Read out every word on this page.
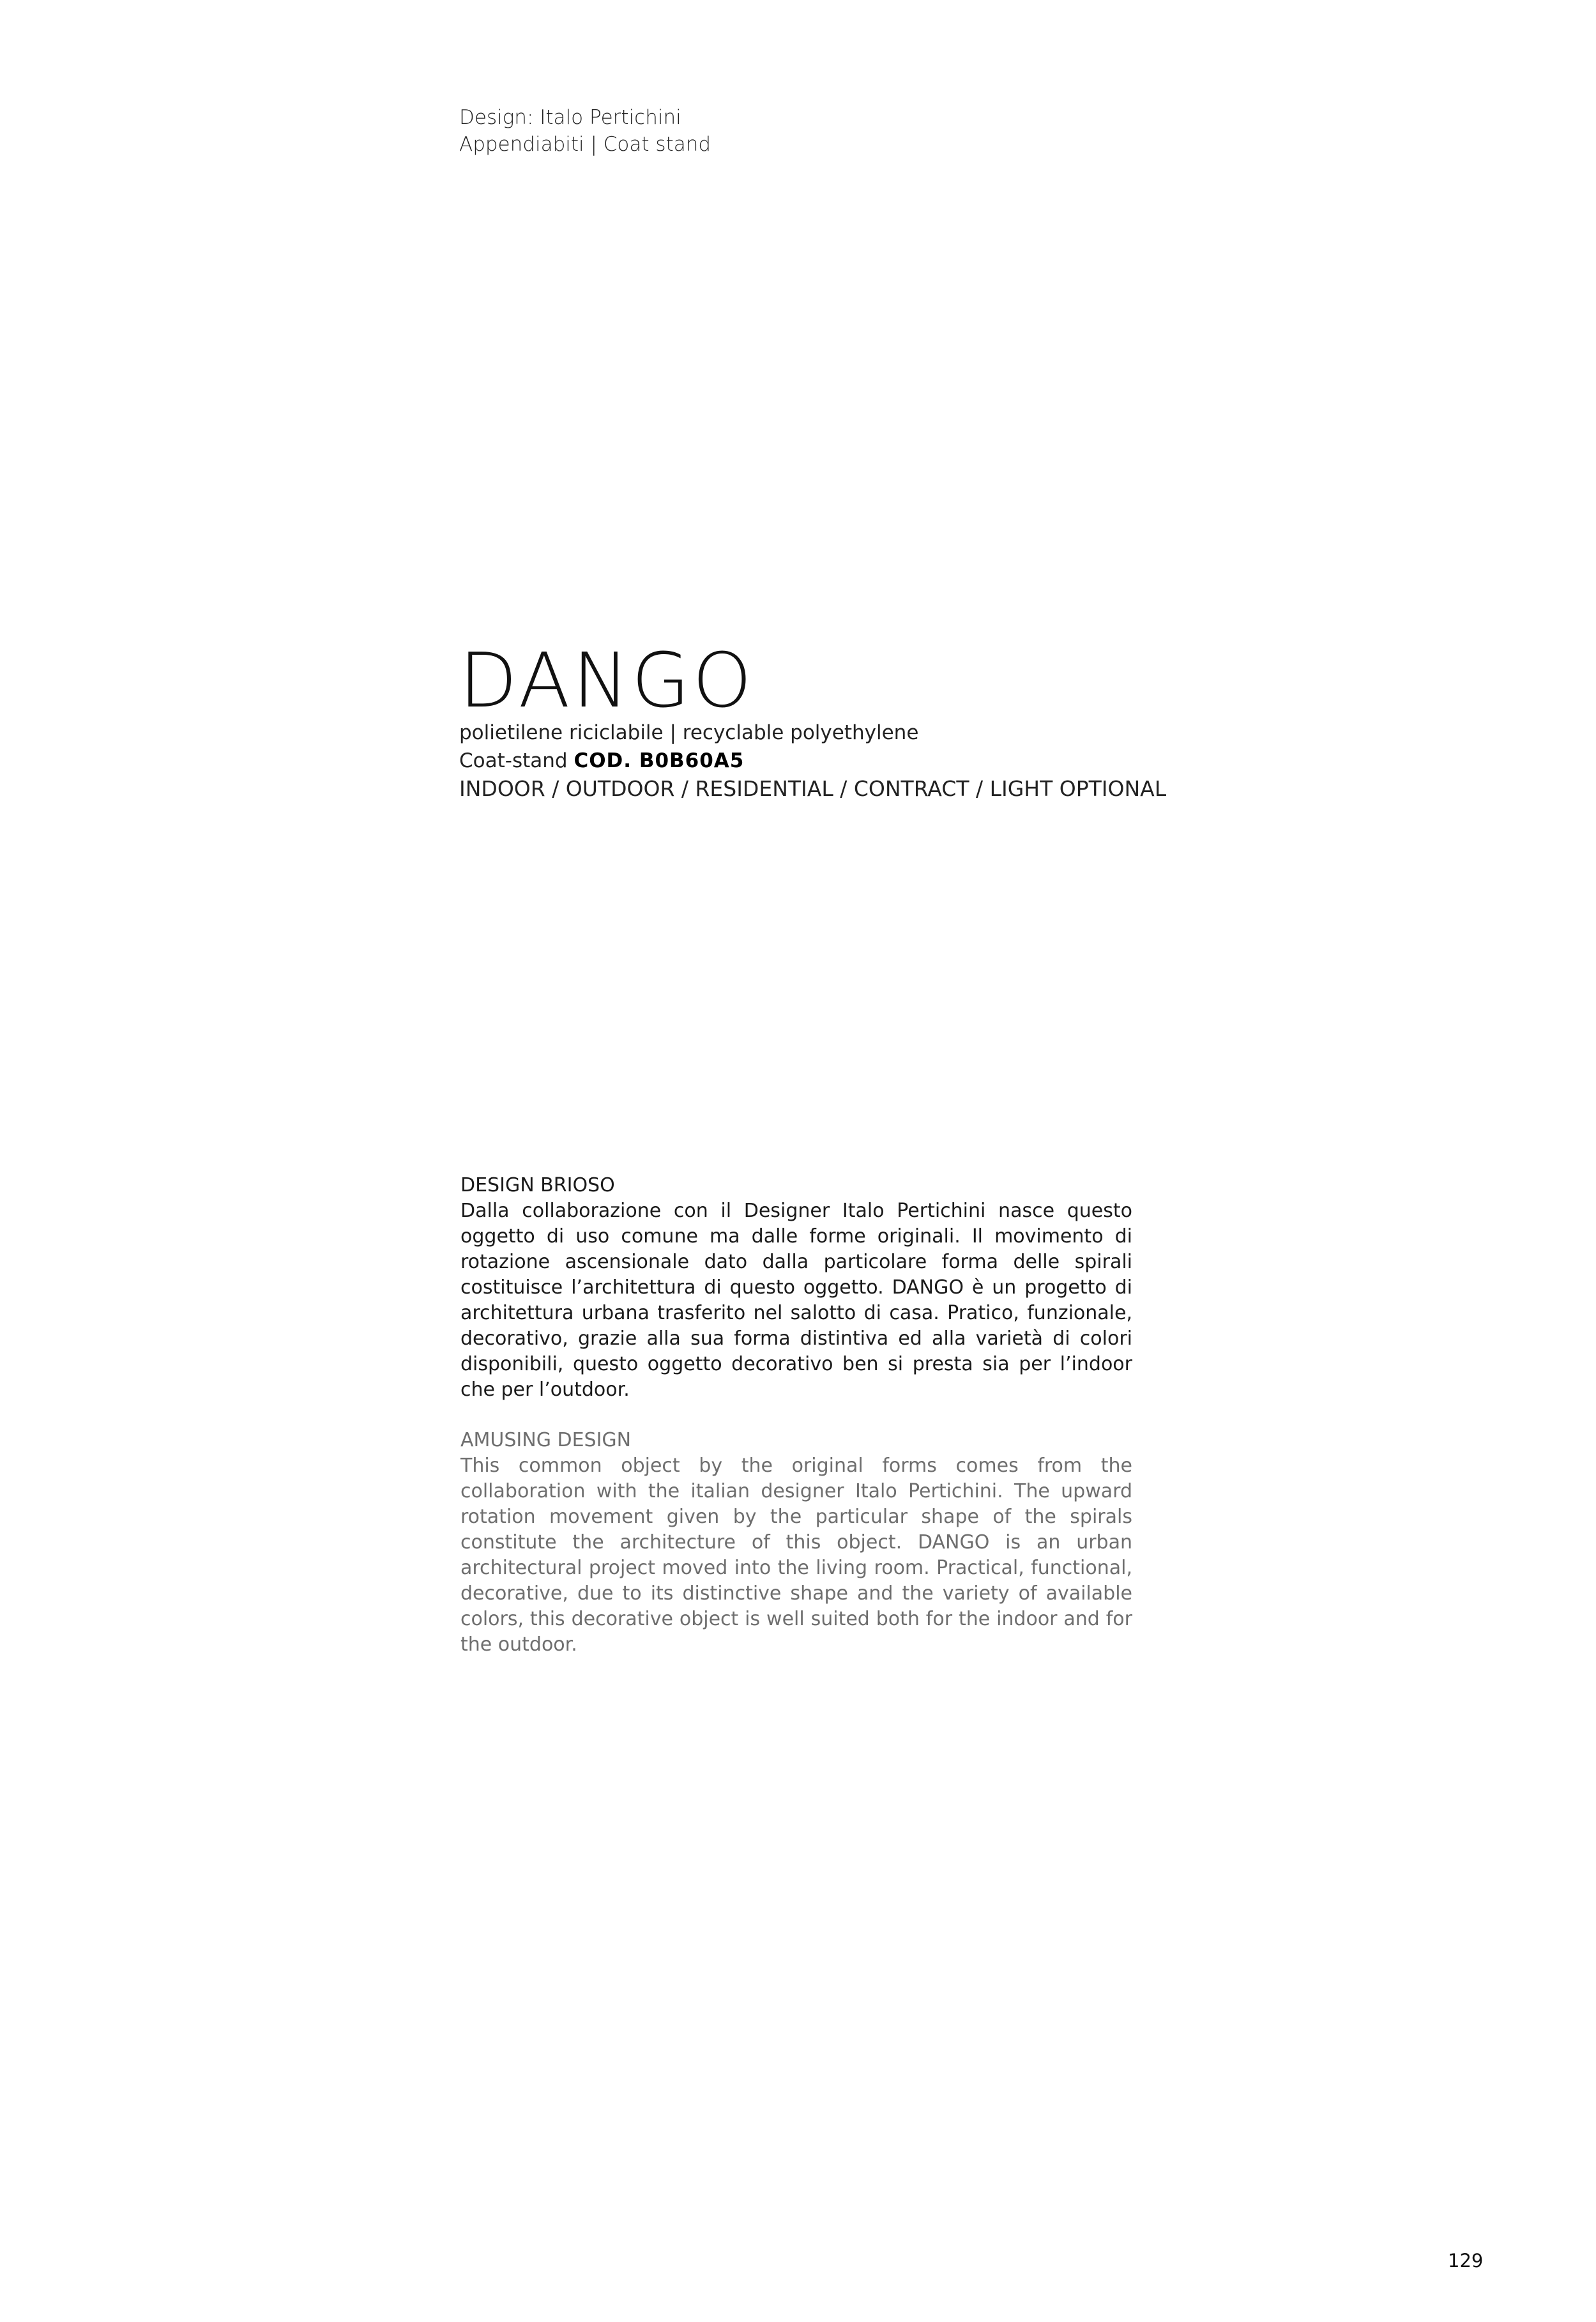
Design: Italo Pertichini
Appendiabiti | Coat stand
DANGO
polietilene riciclabile | recyclable polyethylene
Coat-stand COD. B0B60A5
INDOOR / OUTDOOR / RESIDENTIAL / CONTRACT / LIGHT OPTIONAL
DESIGN BRIOSO

Dalla collaborazione con il Designer Italo Pertichini nasce questo oggetto di uso comune ma dalle forme originali. Il movimento di rotazione ascensionale dato dalla particolare forma delle spirali costituisce l’architettura di questo oggetto. DANGO è un progetto di architettura urbana trasferito nel salotto di casa. Pratico, funzionale, decorativo, grazie alla sua forma distintiva ed alla varietà di colori disponibili, questo oggetto decorativo ben si presta sia per l’indoor che per l’outdoor.

AMUSING DESIGN

This common object by the original forms comes from the collaboration with the italian designer Italo Pertichini. The upward rotation movement given by the particular shape of the spirals constitute the architecture of this object. DANGO is an urban architectural project moved into the living room. Practical, functional, decorative, due to its distinctive shape and the variety of available colors, this decorative object is well suited both for the indoor and for the outdoor.

129
